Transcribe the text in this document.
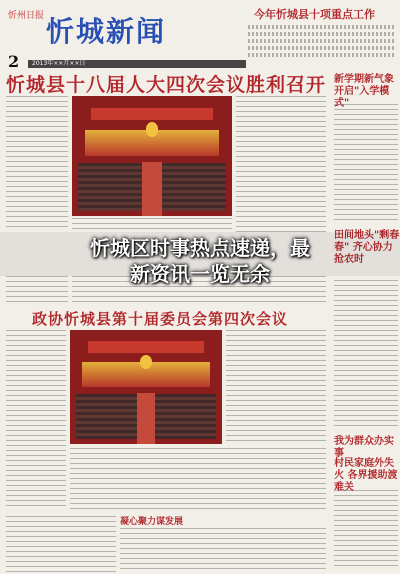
忻州日报 忻城新闻
今年忻城县十项重点工作
2	2013年××月××日
忻城县十八届人大四次会议胜利召开 新学期新气象 开启"入学模式"
田间地头"剩春春" 齐心协力抢农时
我为群众办实事
村民家庭外失火 各界援助渡难关
政协忻城县第十届委员会第四次会议
凝心聚力谋发展
忻城区时事热点速递，最
新资讯一览无余
